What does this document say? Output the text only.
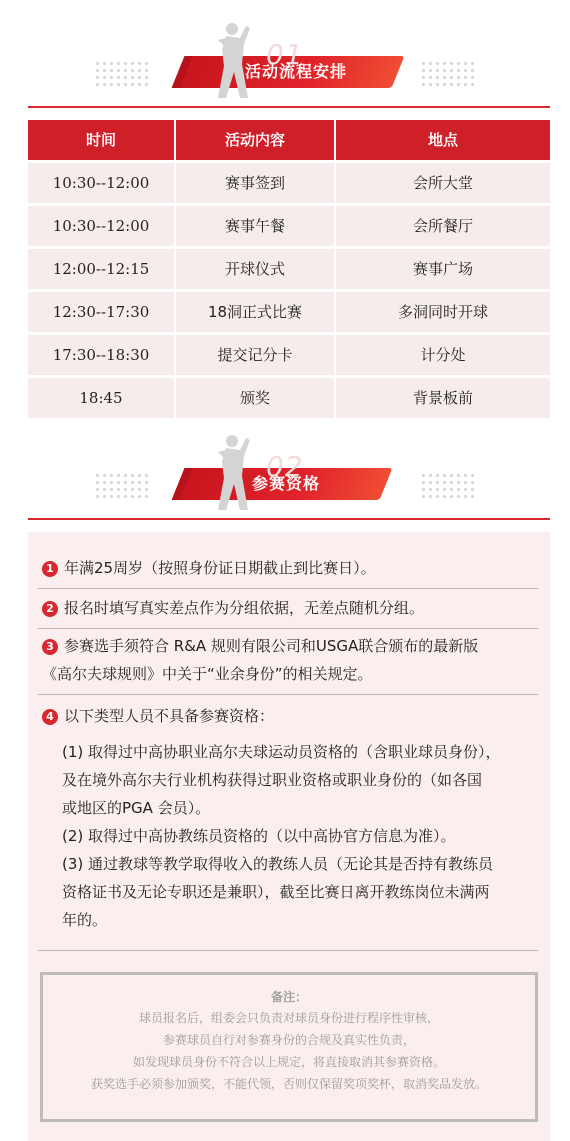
01
活动流程安排
时间	活动内容	地点
10:30--12:00	赛事签到	会所大堂
10:30--12:00	赛事午餐	会所餐厅
12:00--12:15	开球仪式	赛事广场
12:30--17:30	18洞正式比赛	多洞同时开球
17:30--18:30	提交记分卡	计分处
18:45	颁奖	背景板前
02
参赛资格
1 年满25周岁（按照身份证日期截止到比赛日）。
2 报名时填写真实差点作为分组依据，无差点随机分组。
3 参赛选手须符合 R&A 规则有限公司和USGA联合颁布的最新版
《高尔夫球规则》中关于“业余身份”的相关规定。
4 以下类型人员不具备参赛资格：
(1) 取得过中高协职业高尔夫球运动员资格的（含职业球员身份），
及在境外高尔夫行业机构获得过职业资格或职业身份的（如各国
或地区的PGA 会员）。
(2) 取得过中高协教练员资格的（以中高协官方信息为准）。
(3) 通过教球等教学取得收入的教练人员（无论其是否持有教练员
资格证书及无论专职还是兼职），截至比赛日离开教练岗位未满两
年的。
备注：
球员报名后，组委会只负责对球员身份进行程序性审核，
参赛球员自行对参赛身份的合规及真实性负责，
如发现球员身份不符合以上规定，将直接取消其参赛资格。
获奖选手必须参加颁奖，不能代领，否则仅保留奖项奖杯，取消奖品发放。
